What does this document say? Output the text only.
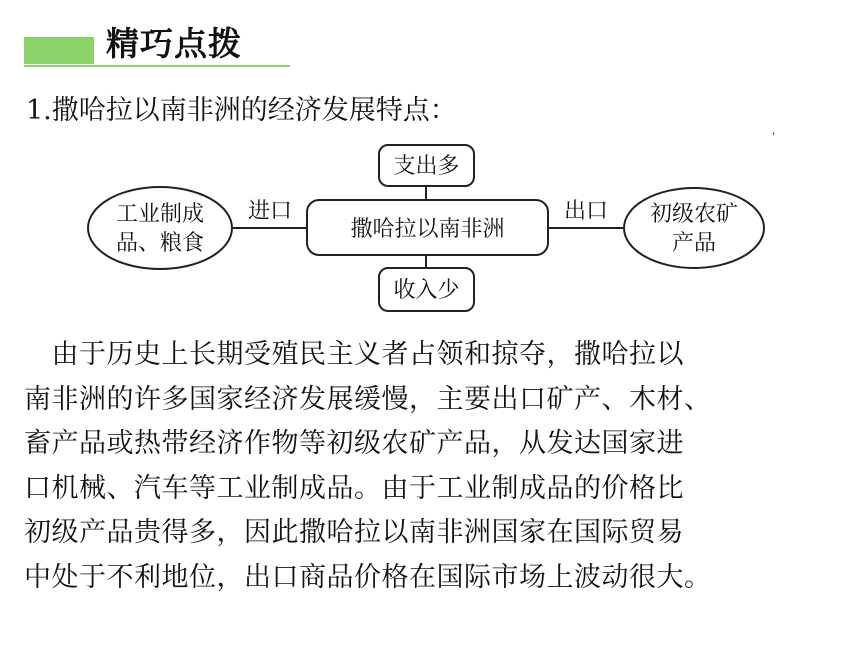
精巧点拨
1.撒哈拉以南非洲的经济发展特点：
支出多
撒哈拉以南非洲
收入少
工业制成
品、粮食
初级农矿
产品
进口	出口
　由于历史上长期受殖民主义者占领和掠夺，撒哈拉以
南非洲的许多国家经济发展缓慢，主要出口矿产、木材、
畜产品或热带经济作物等初级农矿产品，从发达国家进
口机械、汽车等工业制成品。由于工业制成品的价格比
初级产品贵得多，因此撒哈拉以南非洲国家在国际贸易
中处于不利地位，出口商品价格在国际市场上波动很大。
